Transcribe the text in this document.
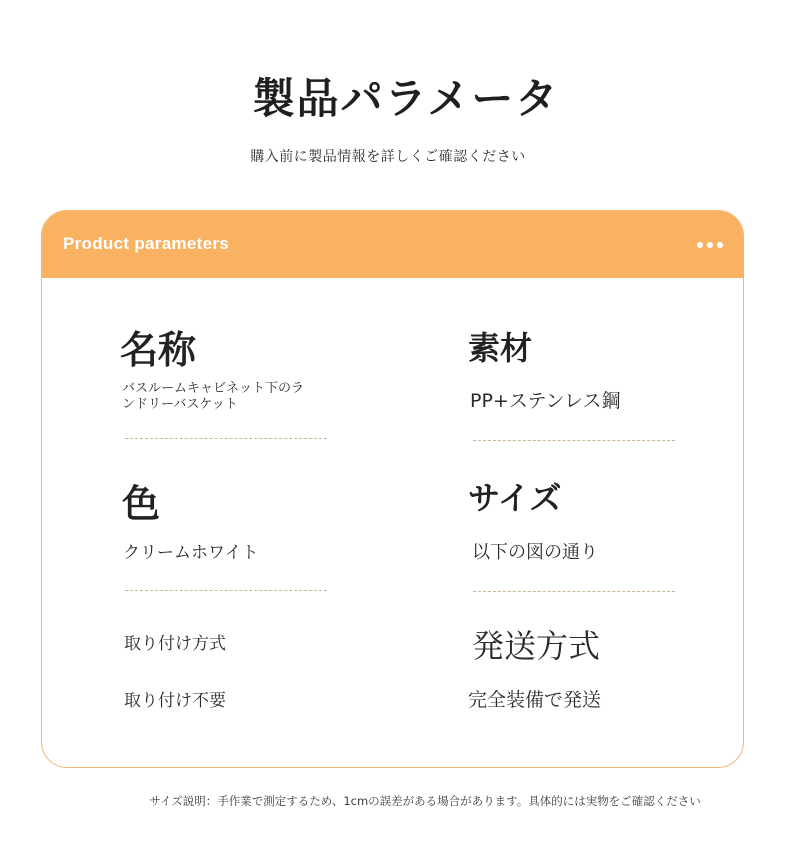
製品パラメータ
購入前に製品情報を詳しくご確認ください
Product parameters
名称
バスルームキャビネット下のラ
ンドリーバスケット
素材
PP+ステンレス鋼
色
クリームホワイト
サイズ
以下の図の通り
取り付け方式
取り付け不要
発送方式
完全装備で発送
サイズ説明：手作業で測定するため、1cmの誤差がある場合があります。具体的には実物をご確認ください
